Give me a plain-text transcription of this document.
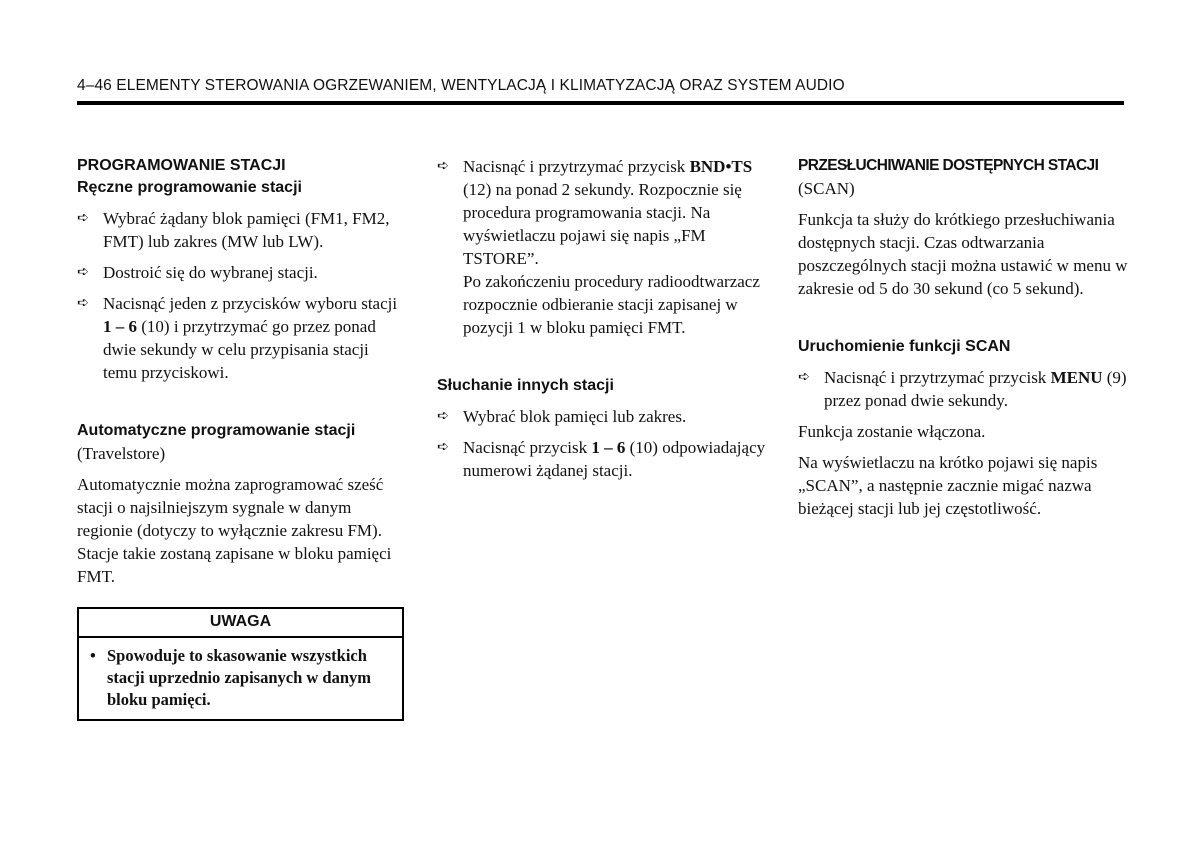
4–46 ELEMENTY STEROWANIA OGRZEWANIEM, WENTYLACJĄ I KLIMATYZACJĄ ORAZ SYSTEM AUDIO

PROGRAMOWANIE STACJI

Ręczne programowanie stacji

➪ Wybrać żądany blok pamięci (FM1, FM2, FMT) lub zakres (MW lub LW).

➪ Dostroić się do wybranej stacji.

➪ Nacisnąć jeden z przycisków wyboru stacji 1 – 6 (10) i przytrzymać go przez ponad dwie sekundy w celu przypisania stacji temu przyciskowi.

Automatyczne programowanie stacji

(Travelstore)

Automatycznie można zaprogramować sześć stacji o najsilniejszym sygnale w danym regionie (dotyczy to wyłącznie zakresu FM). Stacje takie zostaną zapisane w bloku pamięci FMT.

UWAGA
• Spowoduje to skasowanie wszystkich stacji uprzednio zapisanych w danym bloku pamięci.

➪ Nacisnąć i przytrzymać przycisk BND•TS (12) na ponad 2 sekundy. Rozpocznie się procedura programowania stacji. Na wyświetlaczu pojawi się napis „FM TSTORE”.
Po zakończeniu procedury radioodtwarzacz rozpocznie odbieranie stacji zapisanej w pozycji 1 w bloku pamięci FMT.

Słuchanie innych stacji

➪ Wybrać blok pamięci lub zakres.

➪ Nacisnąć przycisk 1 – 6 (10) odpowiadający numerowi żądanej stacji.

PRZESŁUCHIWANIE DOSTĘPNYCH STACJI

(SCAN)

Funkcja ta służy do krótkiego przesłuchiwania dostępnych stacji. Czas odtwarzania poszczególnych stacji można ustawić w menu w zakresie od 5 do 30 sekund (co 5 sekund).

Uruchomienie funkcji SCAN

➪ Nacisnąć i przytrzymać przycisk MENU (9) przez ponad dwie sekundy.

Funkcja zostanie włączona.

Na wyświetlaczu na krótko pojawi się napis „SCAN”, a następnie zacznie migać nazwa bieżącej stacji lub jej częstotliwość.
